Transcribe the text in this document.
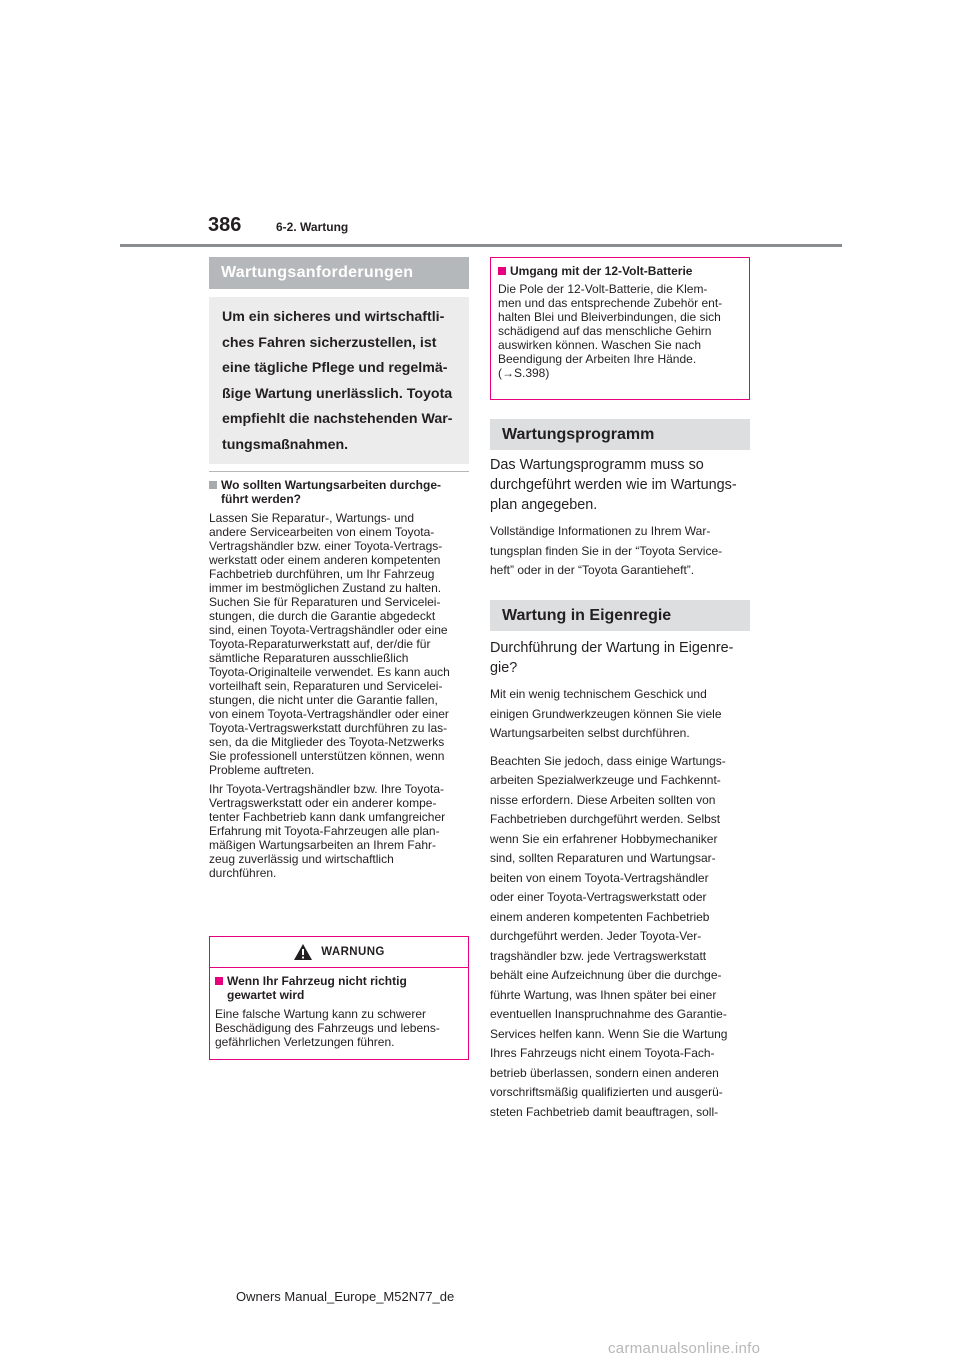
386	6-2. Wartung
Wartungsanforderungen
Um ein sicheres und wirtschaftli-
ches Fahren sicherzustellen, ist
eine tägliche Pflege und regelmä-
ßige Wartung unerlässlich. Toyota
empfiehlt die nachstehenden War-
tungsmaßnahmen.
Wo sollten Wartungsarbeiten durchge-
führt werden?

Lassen Sie Reparatur-, Wartungs- und
andere Servicearbeiten von einem Toyota-
Vertragshändler bzw. einer Toyota-Vertrags-
werkstatt oder einem anderen kompetenten
Fachbetrieb durchführen, um Ihr Fahrzeug
immer im bestmöglichen Zustand zu halten.
Suchen Sie für Reparaturen und Servicelei-
stungen, die durch die Garantie abgedeckt
sind, einen Toyota-Vertragshändler oder eine
Toyota-Reparaturwerkstatt auf, der/die für
sämtliche Reparaturen ausschließlich
Toyota-Originalteile verwendet. Es kann auch
vorteilhaft sein, Reparaturen und Servicelei-
stungen, die nicht unter die Garantie fallen,
von einem Toyota-Vertragshändler oder einer
Toyota-Vertragswerkstatt durchführen zu las-
sen, da die Mitglieder des Toyota-Netzwerks
Sie professionell unterstützen können, wenn
Probleme auftreten.

Ihr Toyota-Vertragshändler bzw. Ihre Toyota-
Vertragswerkstatt oder ein anderer kompe-
tenter Fachbetrieb kann dank umfangreicher
Erfahrung mit Toyota-Fahrzeugen alle plan-
mäßigen Wartungsarbeiten an Ihrem Fahr-
zeug zuverlässig und wirtschaftlich
durchführen.

WARNUNG
Wenn Ihr Fahrzeug nicht richtig
gewartet wird
Eine falsche Wartung kann zu schwerer
Beschädigung des Fahrzeugs und lebens-
gefährlichen Verletzungen führen.
Umgang mit der 12-Volt-Batterie
Die Pole der 12-Volt-Batterie, die Klem-
men und das entsprechende Zubehör ent-
halten Blei und Bleiverbindungen, die sich
schädigend auf das menschliche Gehirn
auswirken können. Waschen Sie nach
Beendigung der Arbeiten Ihre Hände.
(→S.398)
Wartungsprogramm
Das Wartungsprogramm muss so
durchgeführt werden wie im Wartungs-
plan angegeben.
Vollständige Informationen zu Ihrem War-
tungsplan finden Sie in der “Toyota Service-
heft” oder in der “Toyota Garantieheft”.
Wartung in Eigenregie
Durchführung der Wartung in Eigenre-
gie?

Mit ein wenig technischem Geschick und
einigen Grundwerkzeugen können Sie viele
Wartungsarbeiten selbst durchführen.

Beachten Sie jedoch, dass einige Wartungs-
arbeiten Spezialwerkzeuge und Fachkennt-
nisse erfordern. Diese Arbeiten sollten von
Fachbetrieben durchgeführt werden. Selbst
wenn Sie ein erfahrener Hobbymechaniker
sind, sollten Reparaturen und Wartungsar-
beiten von einem Toyota-Vertragshändler
oder einer Toyota-Vertragswerkstatt oder
einem anderen kompetenten Fachbetrieb
durchgeführt werden. Jeder Toyota-Ver-
tragshändler bzw. jede Vertragswerkstatt
behält eine Aufzeichnung über die durchge-
führte Wartung, was Ihnen später bei einer
eventuellen Inanspruchnahme des Garantie-
Services helfen kann. Wenn Sie die Wartung
Ihres Fahrzeugs nicht einem Toyota-Fach-
betrieb überlassen, sondern einen anderen
vorschriftsmäßig qualifizierten und ausgerü-
steten Fachbetrieb damit beauftragen, soll-

Owners Manual_Europe_M52N77_de
carmanualsonline.info
